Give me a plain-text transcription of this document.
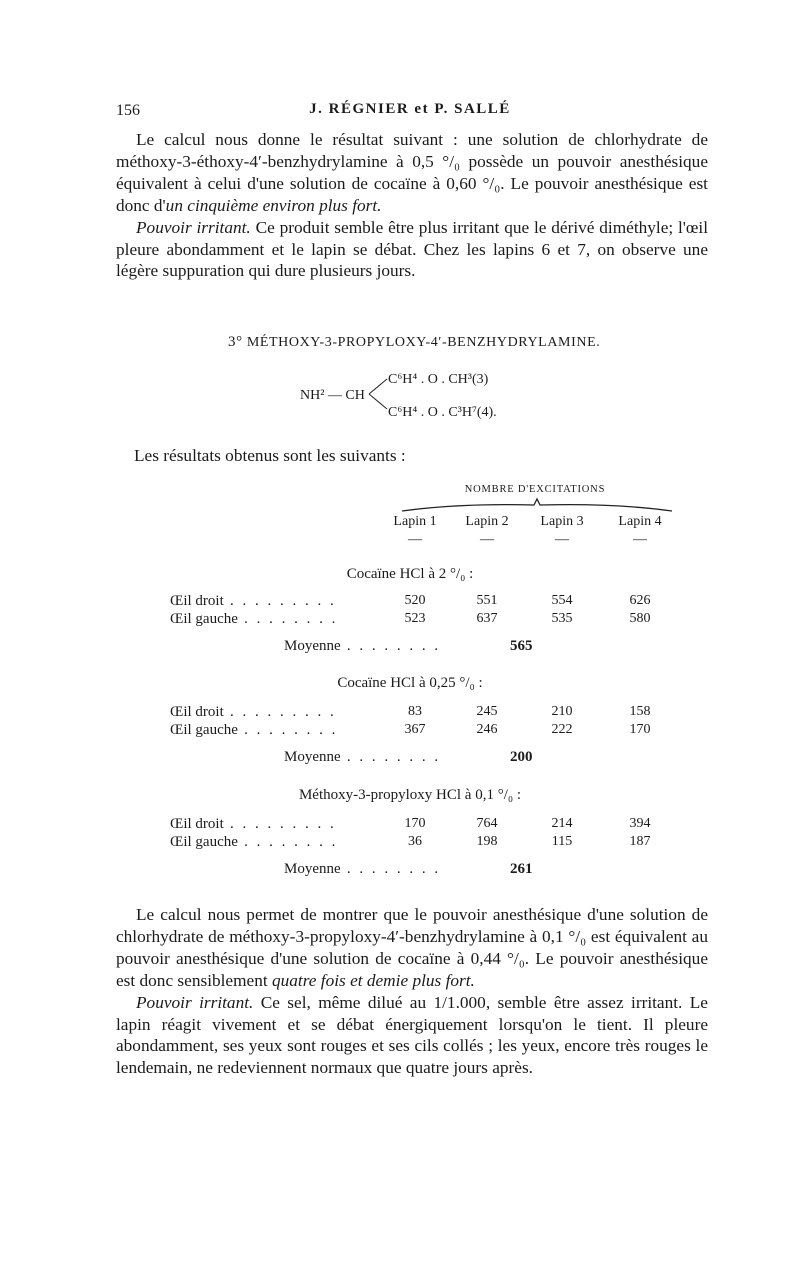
156	J. RÉGNIER et P. SALLÉ

Le calcul nous donne le résultat suivant : une solution de chlorhydrate de méthoxy-3-éthoxy-4′-benzhydrylamine à 0,5 °/₀ possède un pouvoir anesthésique équivalent à celui d'une solution de cocaïne à 0,60 °/₀. Le pouvoir anesthésique est donc d'un cinquième environ plus fort.

Pouvoir irritant. Ce produit semble être plus irritant que le dérivé diméthyle; l'œil pleure abondamment et le lapin se débat. Chez les lapins 6 et 7, on observe une légère suppuration qui dure plusieurs jours.

3° MÉTHOXY-3-PROPYLOXY-4′-BENZHYDRYLAMINE.
NH² — CH
C⁶H⁴ . O . CH³(3)
C⁶H⁴ . O . C³H⁷(4).
Les résultats obtenus sont les suivants :
NOMBRE D'EXCITATIONS
Lapin 1	Lapin 2	Lapin 3	Lapin 4
—	—	—	—
Cocaïne HCl à 2 °/₀ :
Œil droit . . . . . . . . .	520	551	554	626
Œil gauche . . . . . . . .	523	637	535	580
Moyenne . . . . . . . .	565
Cocaïne HCl à 0,25 °/₀ :
Œil droit . . . . . . . . .	83	245	210	158
Œil gauche . . . . . . . .	367	246	222	170
Moyenne . . . . . . . .	200
Méthoxy-3-propyloxy HCl à 0,1 °/₀ :
Œil droit . . . . . . . . .	170	764	214	394
Œil gauche . . . . . . . .	36	198	115	187
Moyenne . . . . . . . .	261

Le calcul nous permet de montrer que le pouvoir anesthésique d'une solution de chlorhydrate de méthoxy-3-propyloxy-4′-benzhydrylamine à 0,1 °/₀ est équivalent au pouvoir anesthésique d'une solution de cocaïne à 0,44 °/₀. Le pouvoir anesthésique est donc sensiblement quatre fois et demie plus fort.

Pouvoir irritant. Ce sel, même dilué au 1/1.000, semble être assez irritant. Le lapin réagit vivement et se débat énergiquement lorsqu'on le tient. Il pleure abondamment, ses yeux sont rouges et ses cils collés ; les yeux, encore très rouges le lendemain, ne redeviennent normaux que quatre jours après.
